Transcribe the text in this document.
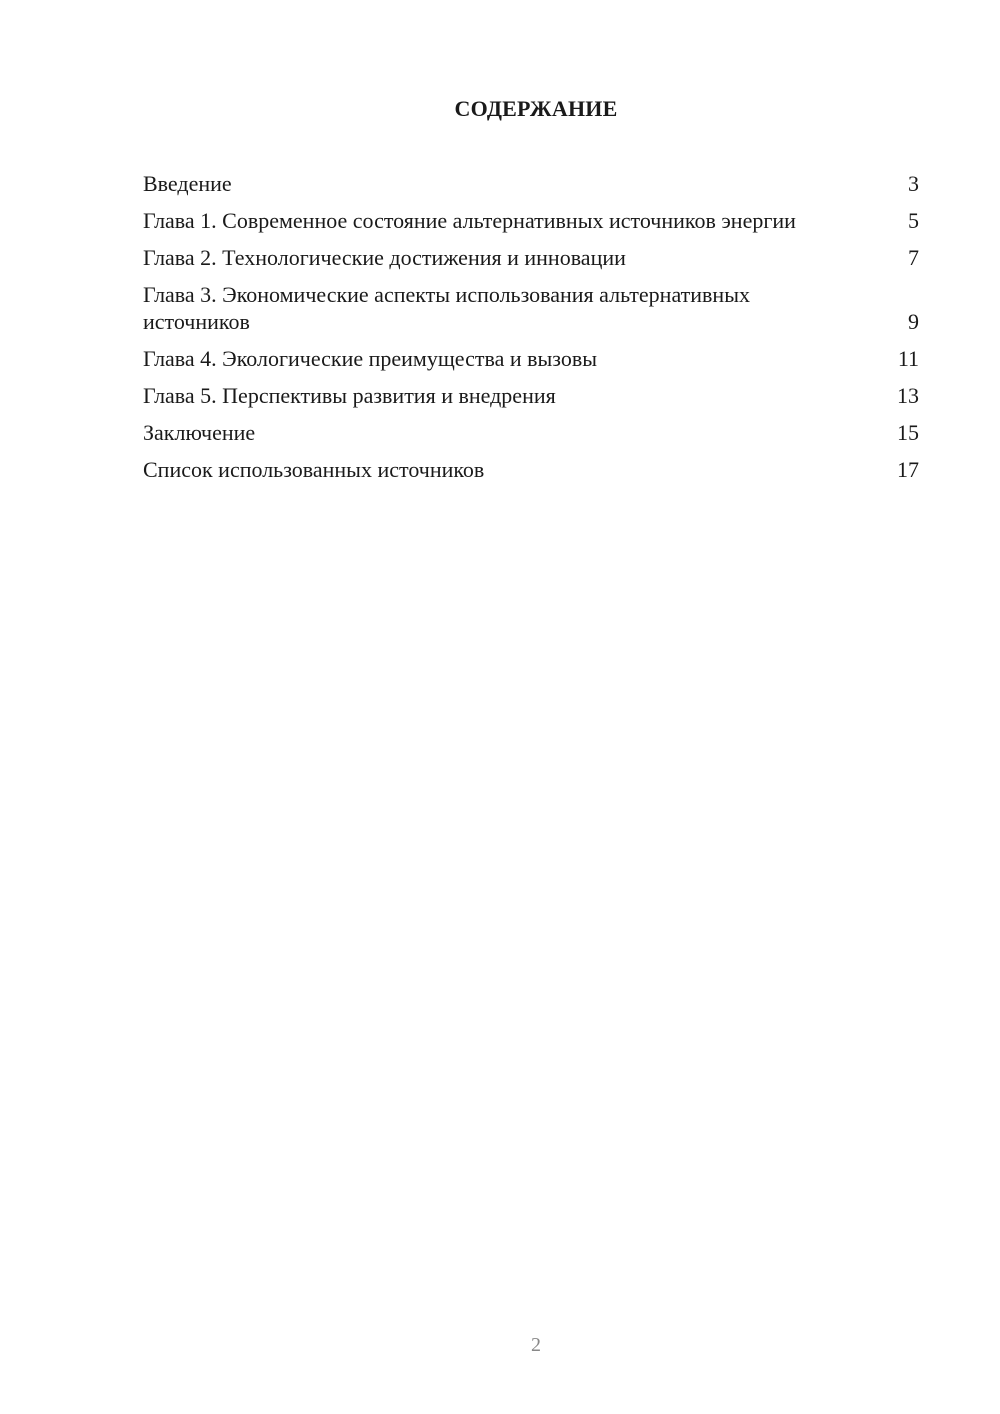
СОДЕРЖАНИЕ
Введение	3
Глава 1. Современное состояние альтернативных источников энергии	5
Глава 2. Технологические достижения и инновации	7
Глава 3. Экономические аспекты использования альтернативных источников	9
Глава 4. Экологические преимущества и вызовы	11
Глава 5. Перспективы развития и внедрения	13
Заключение	15
Список использованных источников	17
2
